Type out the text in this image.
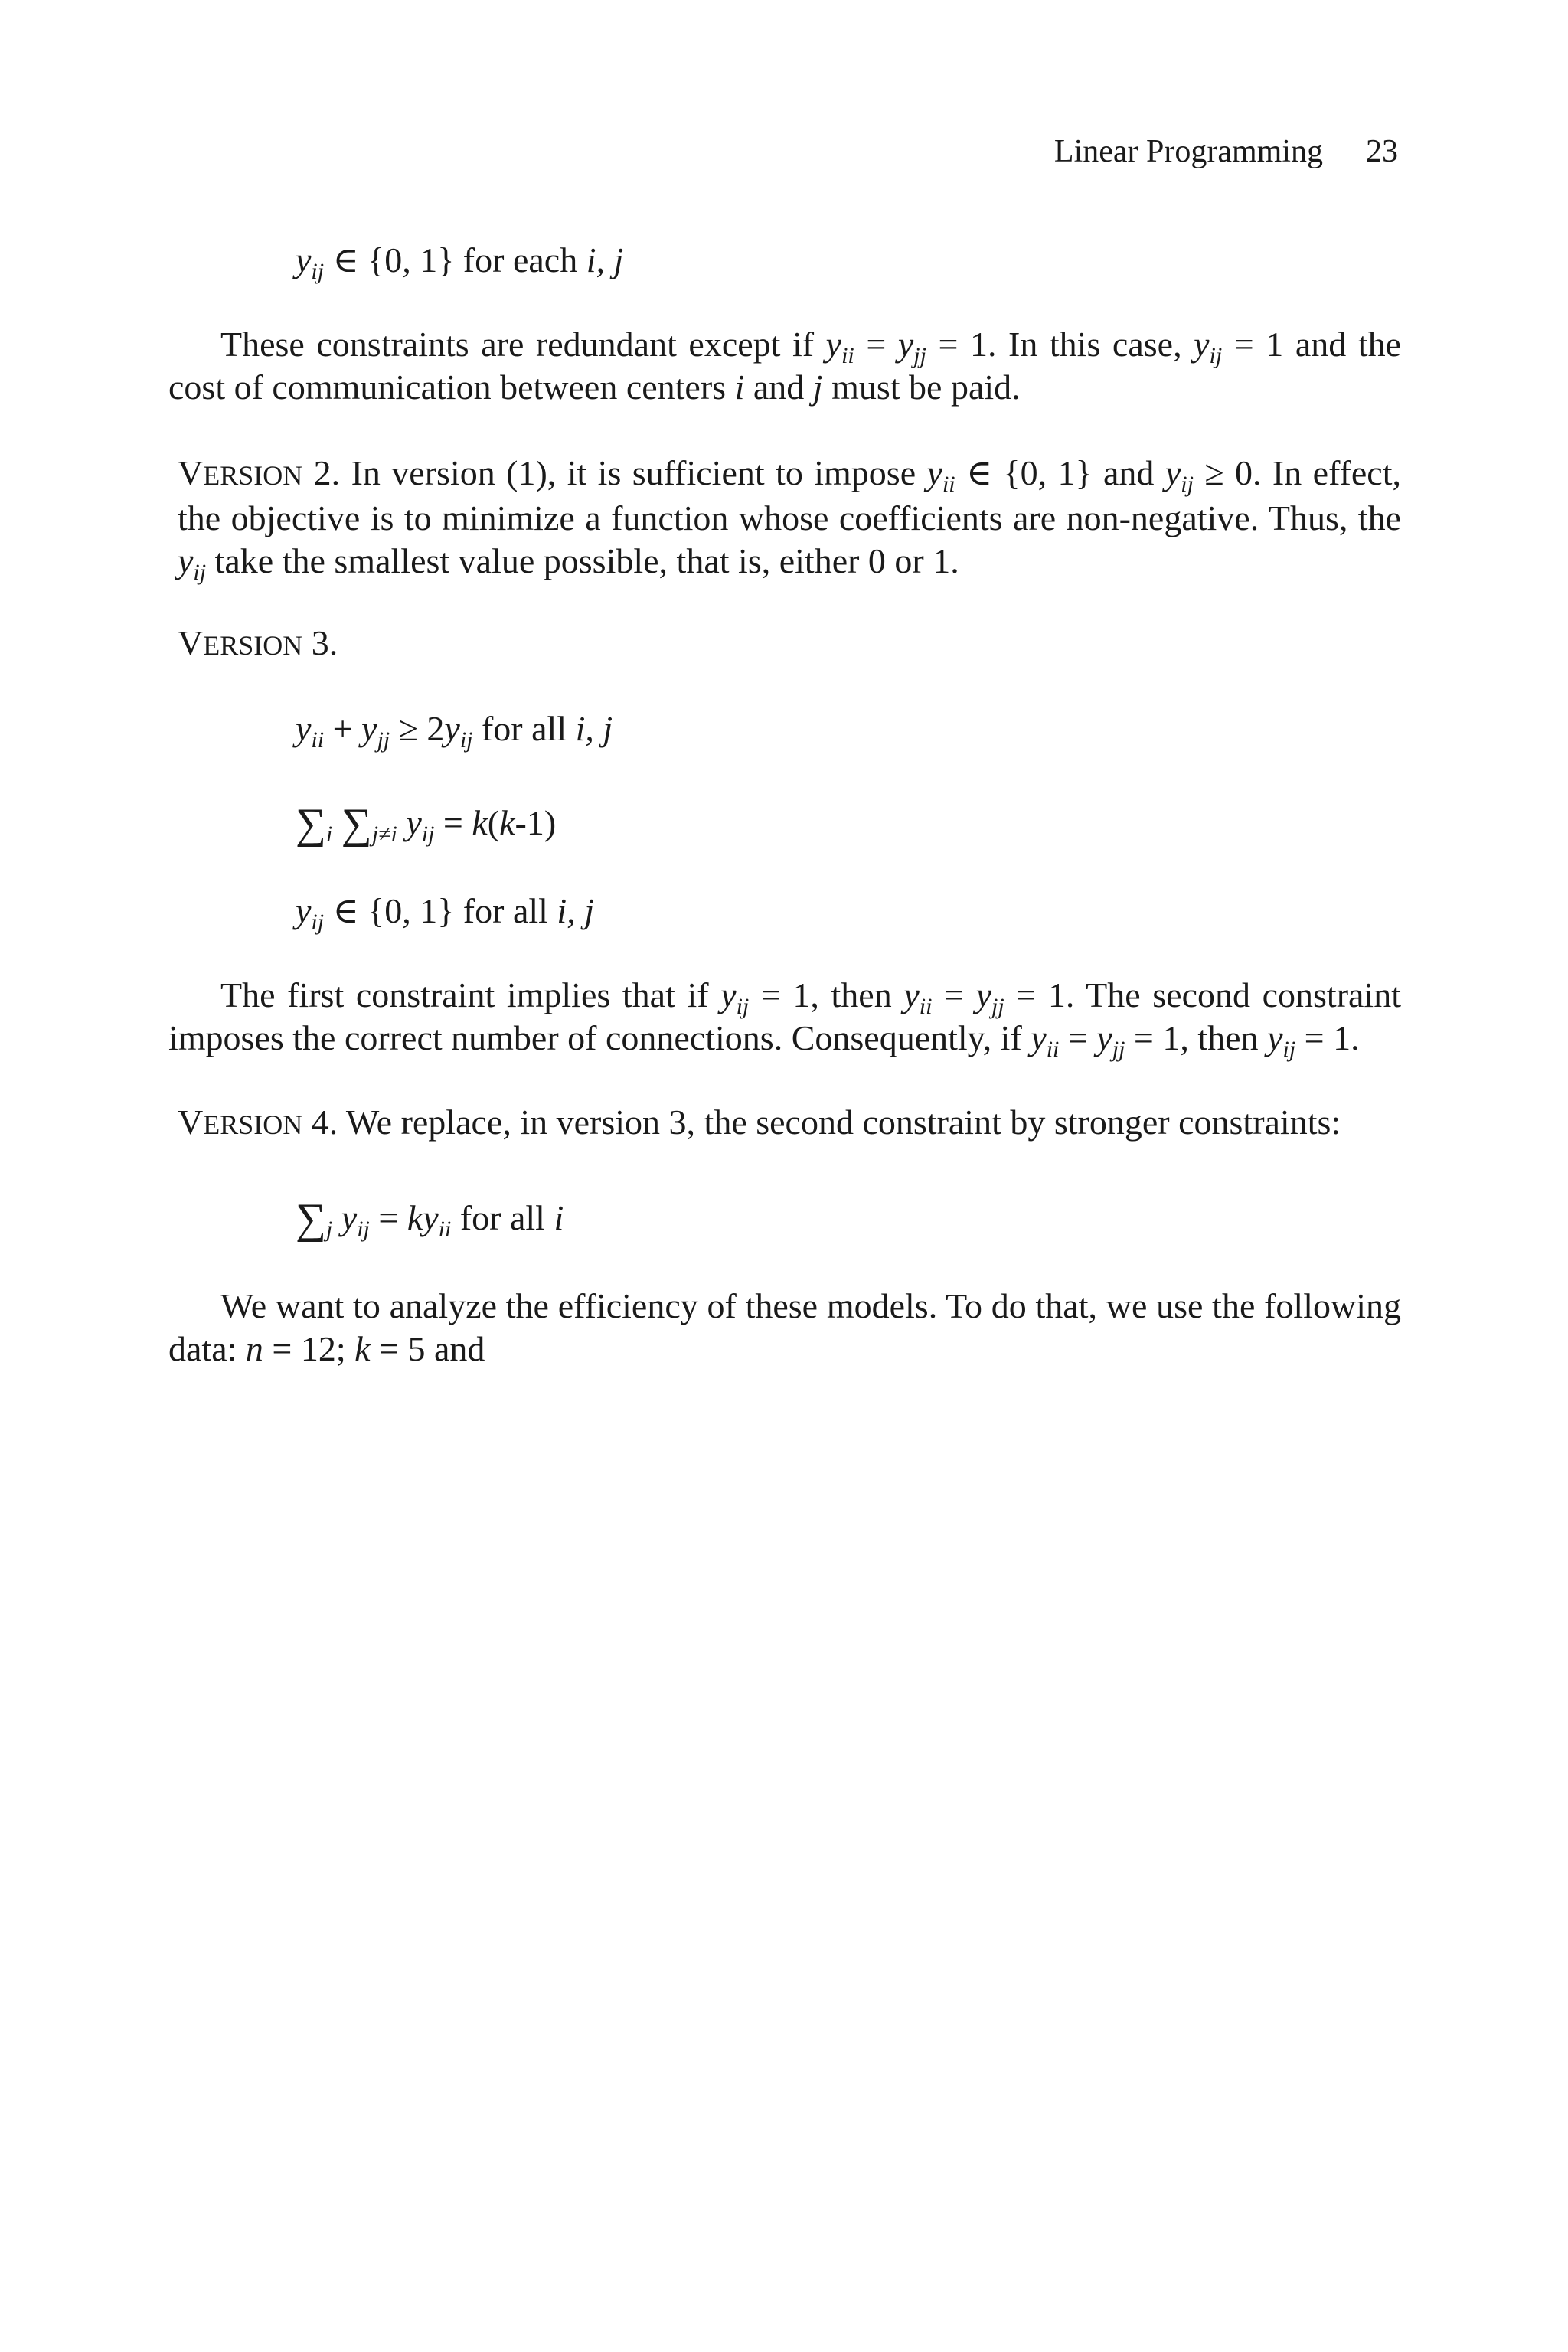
Linear Programming 23
$y_{ij}$ ∈ {0, 1} for each i, j
These constraints are redundant except if $y_{ii} = y_{jj} = 1$. In this case, $y_{ij} = 1$ and the cost of communication between centers i and j must be paid.
VERSION 2. In version (1), it is sufficient to impose $y_{ii}$ ∈ {0, 1} and $y_{ij} \ge 0$. In effect, the objective is to minimize a function whose coefficients are non-negative. Thus, the $y_{ij}$ take the smallest value possible, that is, either 0 or 1.
VERSION 3.
$y_{ii} + y_{jj} \ge 2y_{ij}$ for all i, j
$\sum_i$ $\sum_{j\ne i}$ $y_{ij} = k(k-1)$
$y_{ij}$ ∈ {0, 1} for all i, j
The first constraint implies that if $y_{ij} = 1$, then $y_{ii} = y_{jj} = 1$. The second constraint imposes the correct number of connections. Consequently, if $y_{ii} = y_{jj} = 1$, then $y_{ij} = 1$.
VERSION 4. We replace, in version 3, the second constraint by stronger constraints:
$\sum_j$ $y_{ij} = ky_{ii}$ for all i
We want to analyze the efficiency of these models. To do that, we use the following data: n = 12; k = 5 and
